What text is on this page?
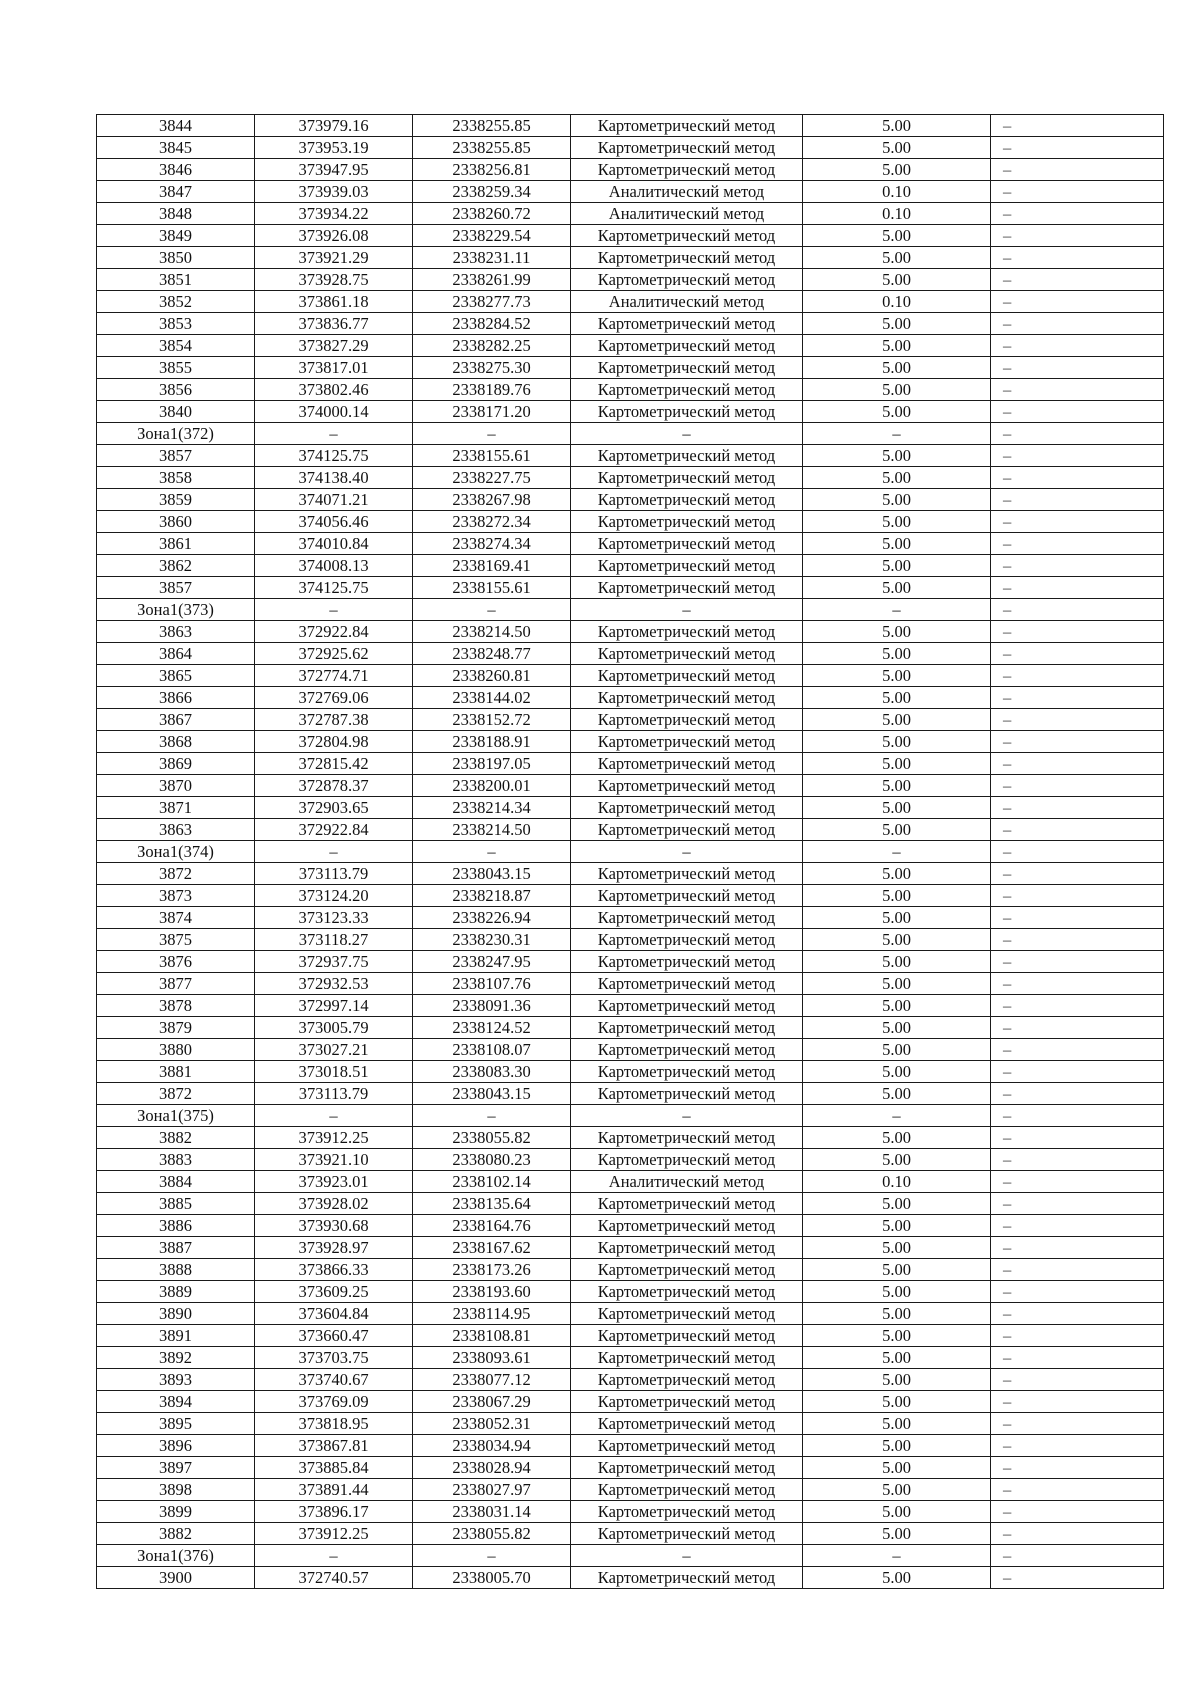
3844	373979.16	2338255.85	Картометрический метод	5.00	–
3845	373953.19	2338255.85	Картометрический метод	5.00	–
3846	373947.95	2338256.81	Картометрический метод	5.00	–
3847	373939.03	2338259.34	Аналитический метод	0.10	–
3848	373934.22	2338260.72	Аналитический метод	0.10	–
3849	373926.08	2338229.54	Картометрический метод	5.00	–
3850	373921.29	2338231.11	Картометрический метод	5.00	–
3851	373928.75	2338261.99	Картометрический метод	5.00	–
3852	373861.18	2338277.73	Аналитический метод	0.10	–
3853	373836.77	2338284.52	Картометрический метод	5.00	–
3854	373827.29	2338282.25	Картометрический метод	5.00	–
3855	373817.01	2338275.30	Картометрический метод	5.00	–
3856	373802.46	2338189.76	Картометрический метод	5.00	–
3840	374000.14	2338171.20	Картометрический метод	5.00	–
Зона1(372)	–	–	–	–	–
3857	374125.75	2338155.61	Картометрический метод	5.00	–
3858	374138.40	2338227.75	Картометрический метод	5.00	–
3859	374071.21	2338267.98	Картометрический метод	5.00	–
3860	374056.46	2338272.34	Картометрический метод	5.00	–
3861	374010.84	2338274.34	Картометрический метод	5.00	–
3862	374008.13	2338169.41	Картометрический метод	5.00	–
3857	374125.75	2338155.61	Картометрический метод	5.00	–
Зона1(373)	–	–	–	–	–
3863	372922.84	2338214.50	Картометрический метод	5.00	–
3864	372925.62	2338248.77	Картометрический метод	5.00	–
3865	372774.71	2338260.81	Картометрический метод	5.00	–
3866	372769.06	2338144.02	Картометрический метод	5.00	–
3867	372787.38	2338152.72	Картометрический метод	5.00	–
3868	372804.98	2338188.91	Картометрический метод	5.00	–
3869	372815.42	2338197.05	Картометрический метод	5.00	–
3870	372878.37	2338200.01	Картометрический метод	5.00	–
3871	372903.65	2338214.34	Картометрический метод	5.00	–
3863	372922.84	2338214.50	Картометрический метод	5.00	–
Зона1(374)	–	–	–	–	–
3872	373113.79	2338043.15	Картометрический метод	5.00	–
3873	373124.20	2338218.87	Картометрический метод	5.00	–
3874	373123.33	2338226.94	Картометрический метод	5.00	–
3875	373118.27	2338230.31	Картометрический метод	5.00	–
3876	372937.75	2338247.95	Картометрический метод	5.00	–
3877	372932.53	2338107.76	Картометрический метод	5.00	–
3878	372997.14	2338091.36	Картометрический метод	5.00	–
3879	373005.79	2338124.52	Картометрический метод	5.00	–
3880	373027.21	2338108.07	Картометрический метод	5.00	–
3881	373018.51	2338083.30	Картометрический метод	5.00	–
3872	373113.79	2338043.15	Картометрический метод	5.00	–
Зона1(375)	–	–	–	–	–
3882	373912.25	2338055.82	Картометрический метод	5.00	–
3883	373921.10	2338080.23	Картометрический метод	5.00	–
3884	373923.01	2338102.14	Аналитический метод	0.10	–
3885	373928.02	2338135.64	Картометрический метод	5.00	–
3886	373930.68	2338164.76	Картометрический метод	5.00	–
3887	373928.97	2338167.62	Картометрический метод	5.00	–
3888	373866.33	2338173.26	Картометрический метод	5.00	–
3889	373609.25	2338193.60	Картометрический метод	5.00	–
3890	373604.84	2338114.95	Картометрический метод	5.00	–
3891	373660.47	2338108.81	Картометрический метод	5.00	–
3892	373703.75	2338093.61	Картометрический метод	5.00	–
3893	373740.67	2338077.12	Картометрический метод	5.00	–
3894	373769.09	2338067.29	Картометрический метод	5.00	–
3895	373818.95	2338052.31	Картометрический метод	5.00	–
3896	373867.81	2338034.94	Картометрический метод	5.00	–
3897	373885.84	2338028.94	Картометрический метод	5.00	–
3898	373891.44	2338027.97	Картометрический метод	5.00	–
3899	373896.17	2338031.14	Картометрический метод	5.00	–
3882	373912.25	2338055.82	Картометрический метод	5.00	–
Зона1(376)	–	–	–	–	–
3900	372740.57	2338005.70	Картометрический метод	5.00	–
